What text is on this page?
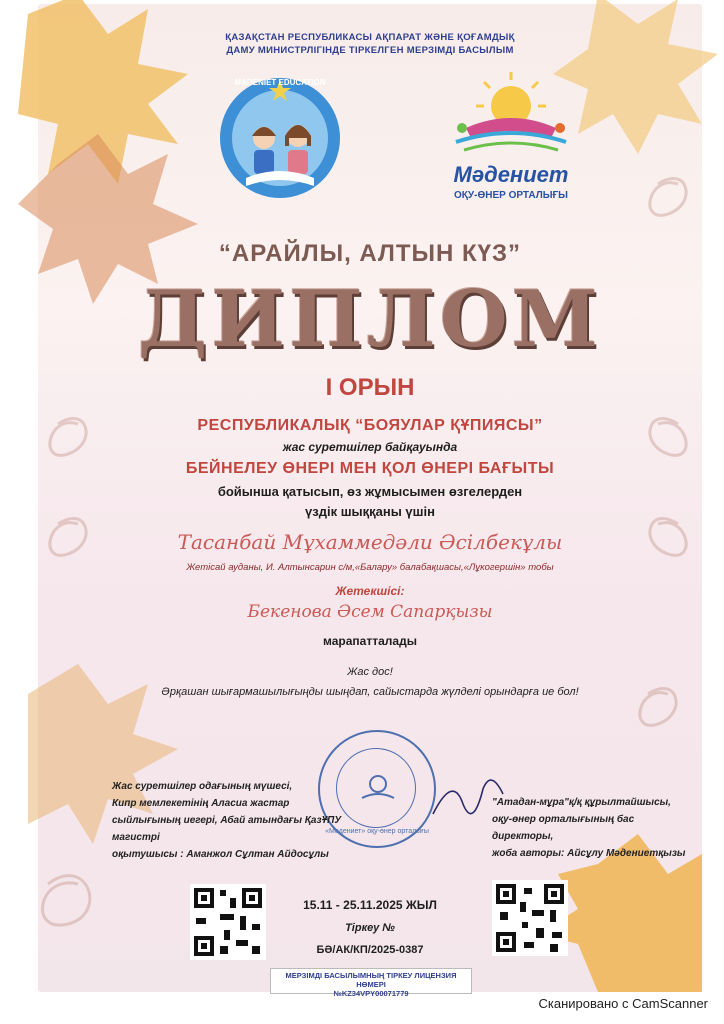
ҚАЗАҚСТАН РЕСПУБЛИКАСЫ АҚПАРАТ ЖӘНЕ ҚОҒАМДЫҚ
ДАМУ МИНИСТРЛІГІНДЕ ТІРКЕЛГЕН МЕРЗІМДІ БАСЫЛЫМ
MADENIET EDUCATION
Мәдениет
ОҚУ-ӨНЕР ОРТАЛЫҒЫ
“АРАЙЛЫ, АЛТЫН КҮЗ”
ДИПЛОМ
I ОРЫН
РЕСПУБЛИКАЛЫҚ “БОЯУЛАР ҚҰПИЯСЫ”
жас суретшілер байқауында
БЕЙНЕЛЕУ ӨНЕРІ МЕН ҚОЛ ӨНЕРІ БАҒЫТЫ
бойынша қатысып, өз жұмысымен өзгелерден
үздік шыққаны үшін
Тасанбай Мұхаммедәли Әсілбекұлы
Жетісай ауданы, И. Алтынсарин с/м,«Балару» балабақшасы,«Лұкогершін» тобы
Жетекшісі:
Бекенова Әсем Сапарқызы
марапатталады
Жас дос!
Әрқашан шығармашылығыңды шыңдап, сайыстарда жүлделі орындарға ие бол!
«Мәдениет» оқу-өнер орталығы
Жас суретшілер одағының мүшесі,
Кипр мемлекетінің Аласиа жастар
сыйлығының иегері, Абай атындағы ҚазҰПУ магистрі
оқытушысы : Аманжол Сұлтан Айдосұлы
"Атадан-мұра"қ/қ құрылтайшысы,
оқу-өнер орталығының бас директоры,
жоба авторы: Айсұлу Мәдениетқызы
15.11 - 25.11.2025 ЖЫЛ
Тіркеу №
БӘ/АК/КП/2025-0387
МЕРЗІМДІ БАСЫЛЫМНЫҢ ТІРКЕУ ЛИЦЕНЗИЯ НӨМЕРІ
№KZ34VPY00071779
Сканировано с CamScanner
